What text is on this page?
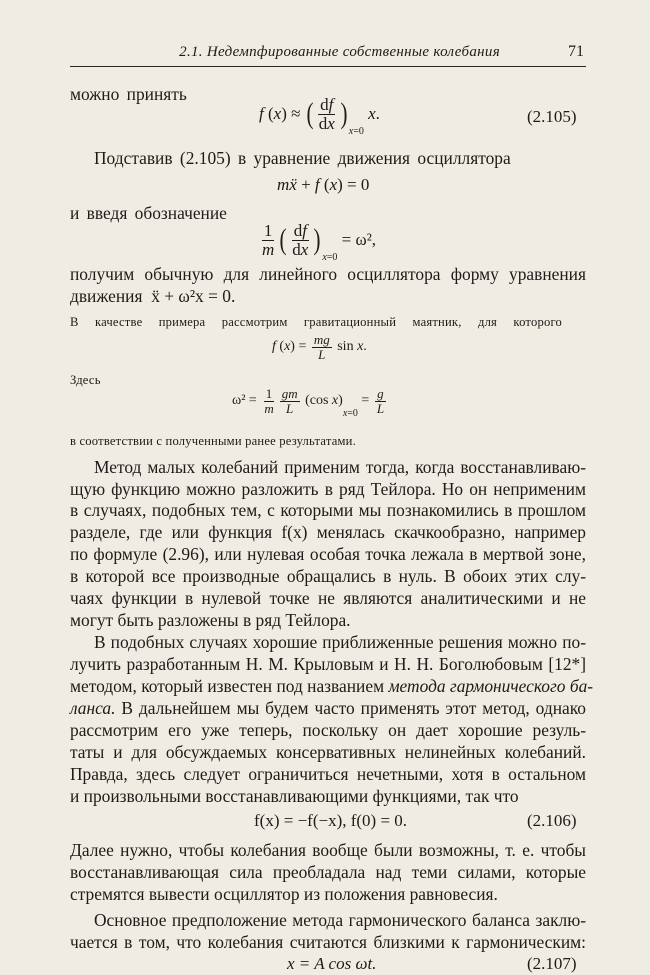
2.1. Недемпфированные собственные колебания	71
можно принять
f ( x ) ≈ ( $\frac{df}{dx}$ )
x=0

x .	(2.105)
Подставив (2.105) в уравнение движения осциллятора
m ẍ + f ( x ) = 0
и введя обозначение
$\frac{1}{m}$ ( $\frac{df}{dx}$ )
x=0
= ω²,
получим обычную для линейного осциллятора форму уравнения
движения ẍ + ω²x = 0.
В качестве примера рассмотрим гравитационный маятник, для которого
f ( x ) = $\frac{mg}{L}$ sin x .
Здесь
$\omega^2 = \frac{1}{m} \frac{gm}{L} (\cos$ x )
x=0
= $\frac{g}{L}$
в соответствии с полученными ранее результатами.
Метод малых колебаний применим тогда, когда восстанавливаю-
щую функцию можно разложить в ряд Тейлора. Но он неприменим
в случаях, подобных тем, с которыми мы познакомились в прошлом
разделе, где или функция f(x) менялась скачкообразно, например
по формуле (2.96), или нулевая особая точка лежала в мертвой зоне,
в которой все производные обращались в нуль. В обоих этих слу-
чаях функции в нулевой точке не являются аналитическими и не
могут быть разложены в ряд Тейлора.
В подобных случаях хорошие приближенные решения можно по-
лучить разработанным Н. М. Крыловым и Н. Н. Боголюбовым [12*]
методом, который известен под названием метода гармонического ба-
ланса. В дальнейшем мы будем часто применять этот метод, однако
рассмотрим его уже теперь, поскольку он дает хорошие резуль-
таты и для обсуждаемых консервативных нелинейных колебаний.
Правда, здесь следует ограничиться нечетными, хотя в остальном
и произвольными восстанавливающими функциями, так что
f(x) = −f(−x), f(0) = 0.	(2.106)
Далее нужно, чтобы колебания вообще были возможны, т. е. чтобы
восстанавливающая сила преобладала над теми силами, которые
стремятся вывести осциллятор из положения равновесия.
Основное предположение метода гармонического баланса заклю-
чается в том, что колебания считаются близкими к гармоническим:
x = A cos ωt.	(2.107)
